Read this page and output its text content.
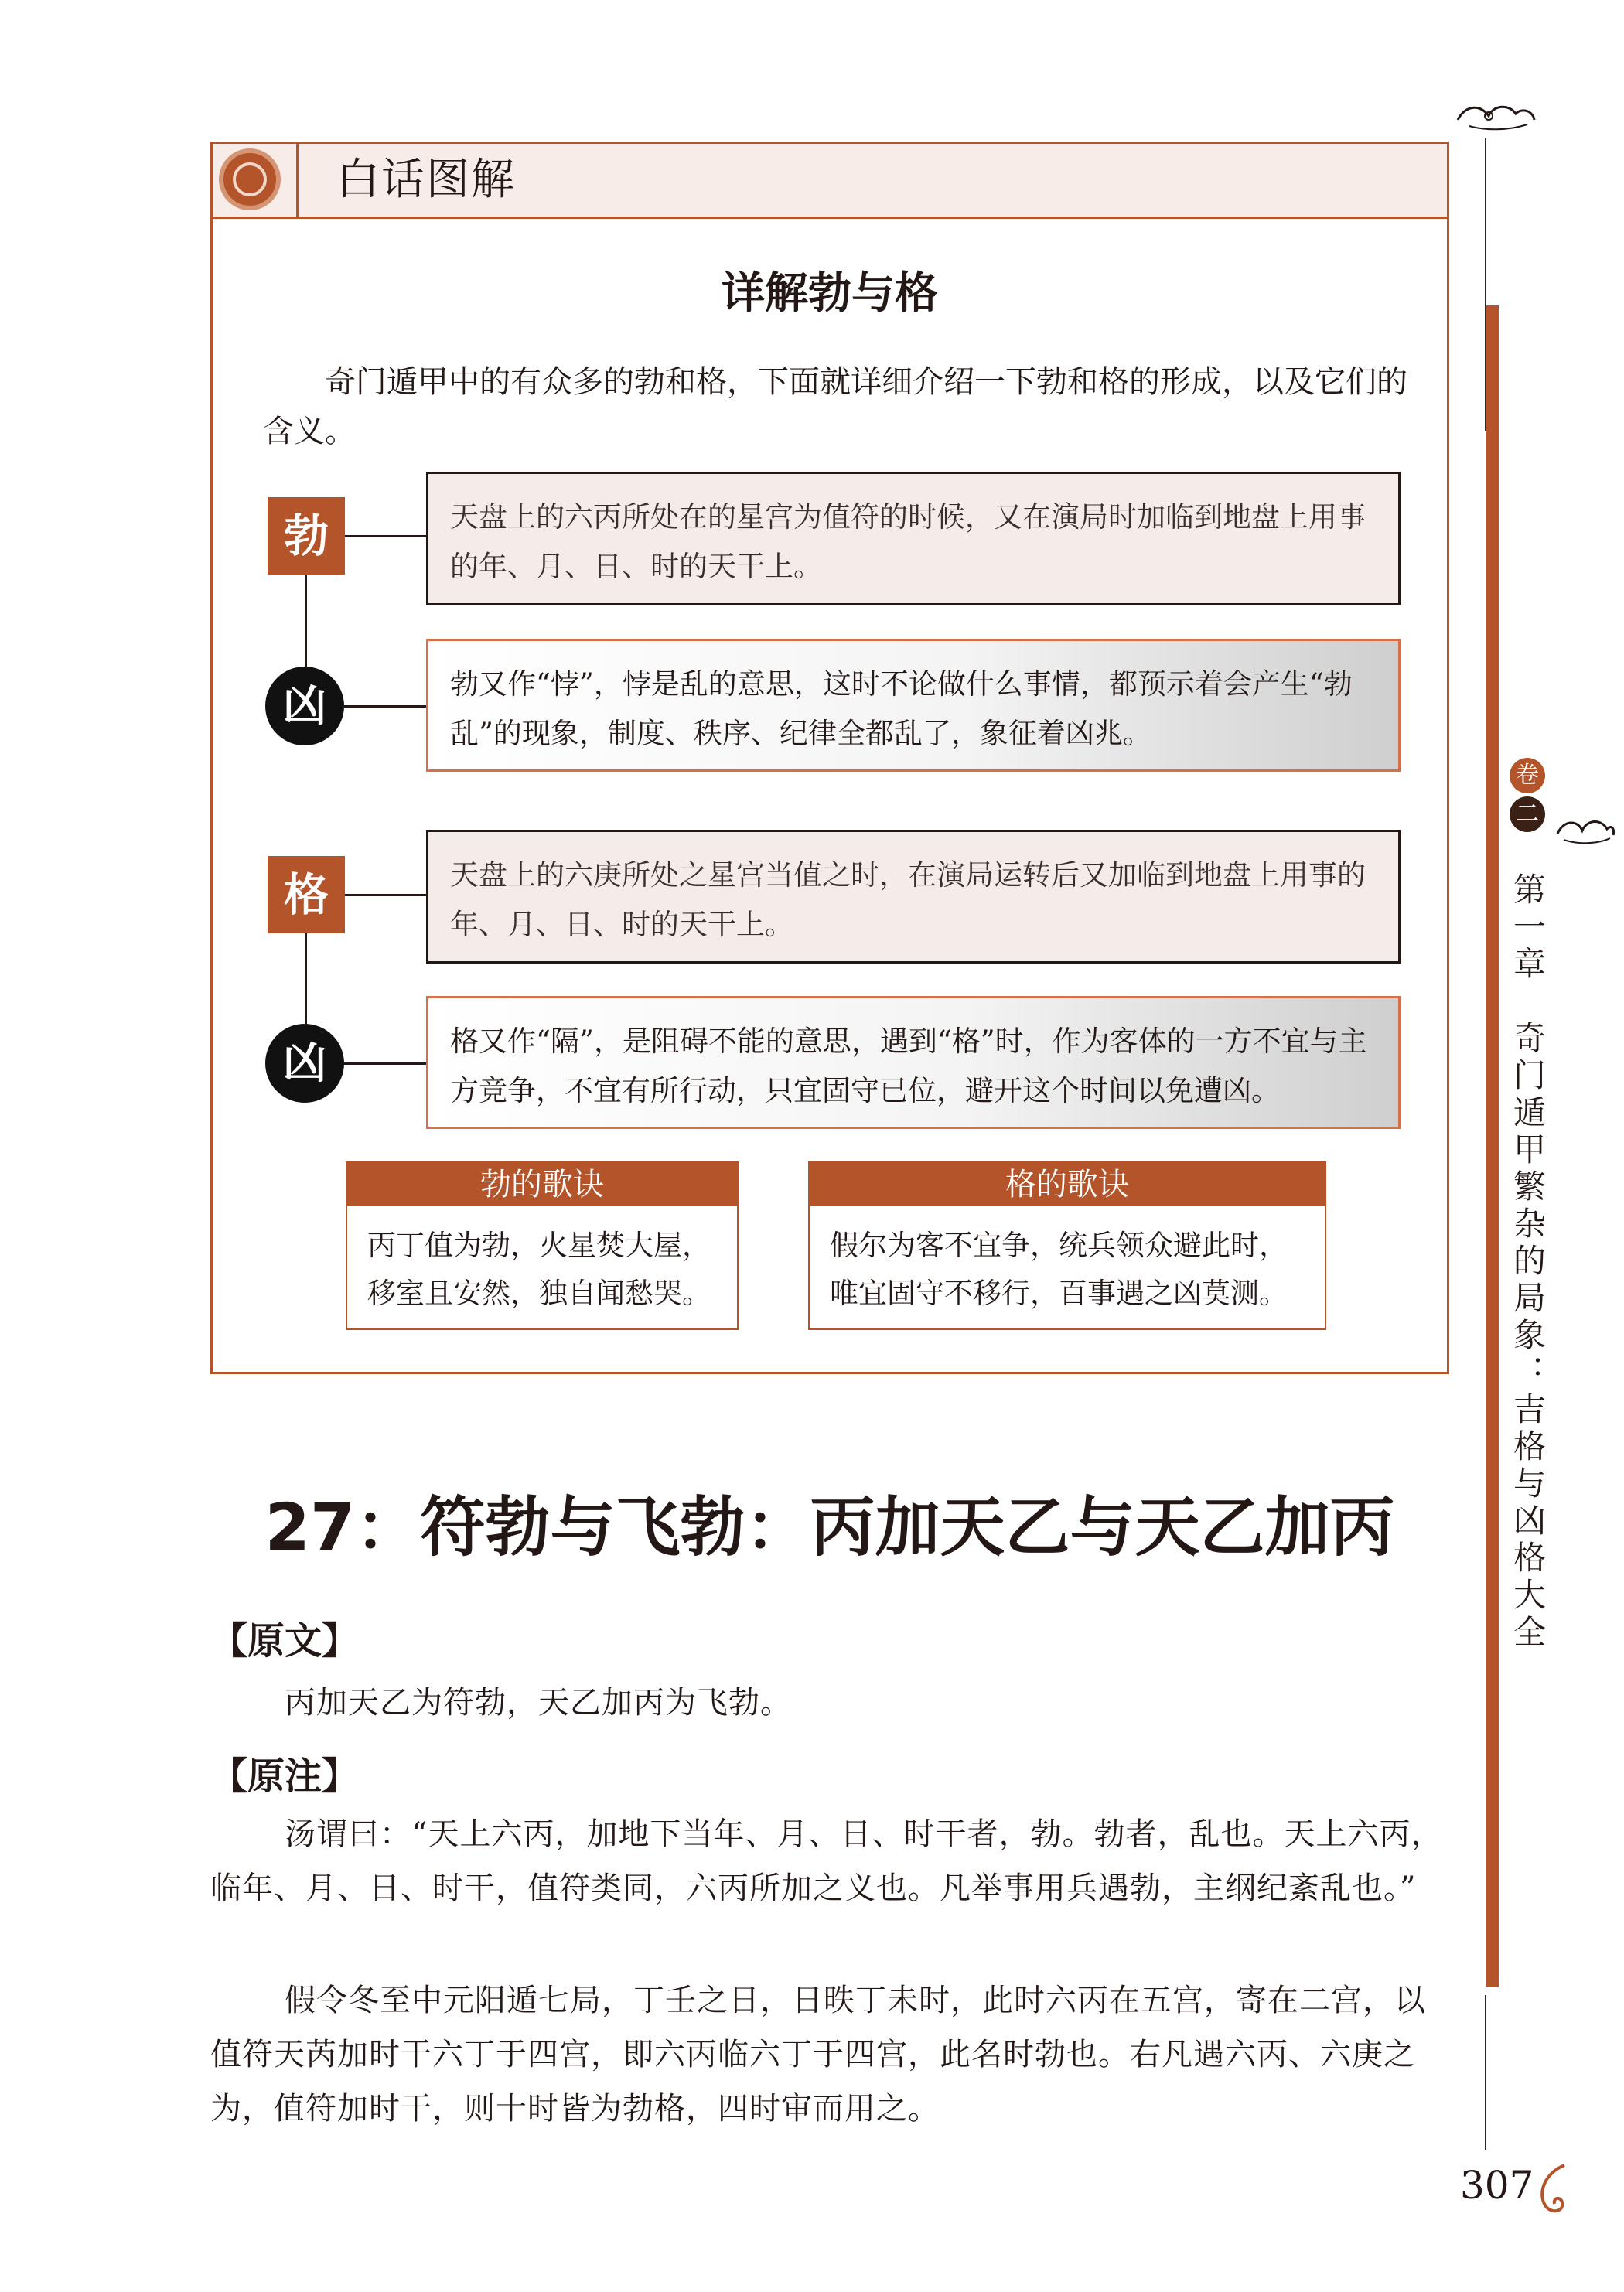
白话图解
详解勃与格
奇门遁甲中的有众多的勃和格，下面就详细介绍一下勃和格的形成，以及它们的含义。
勃	天盘上的六丙所处在的星宫为值符的时候，又在演局时加临到地盘上用事的年、月、日、时的天干上。
凶	勃又作“悖”，悖是乱的意思，这时不论做什么事情，都预示着会产生“勃乱”的现象，制度、秩序、纪律全都乱了，象征着凶兆。
格	天盘上的六庚所处之星宫当值之时，在演局运转后又加临到地盘上用事的年、月、日、时的天干上。
凶	格又作“隔”，是阻碍不能的意思，遇到“格”时，作为客体的一方不宜与主方竞争，不宜有所行动，只宜固守已位，避开这个时间以免遭凶。
勃的歌诀
丙丁值为勃，火星焚大屋，
移室且安然，独自闻愁哭。
格的歌诀
假尔为客不宜争，统兵领众避此时，
唯宜固守不移行，百事遇之凶莫测。
27：符勃与飞勃：丙加天乙与天乙加丙
【原文】
丙加天乙为符勃，天乙加丙为飞勃。
【原注】
汤谓曰：“天上六丙，加地下当年、月、日、时干者，勃。勃者，乱也。天上六丙，临年、月、日、时干，值符类同，六丙所加之义也。凡举事用兵遇勃，主纲纪紊乱也。”
假令冬至中元阳遁七局，丁壬之日，日昳丁未时，此时六丙在五宫，寄在二宫，以值符天芮加时干六丁于四宫，即六丙临六丁于四宫，此名时勃也。右凡遇六丙、六庚之为，值符加时干，则十时皆为勃格，四时审而用之。
卷
二
第一章　奇门遁甲繁杂的局象：吉格与凶格大全
307
